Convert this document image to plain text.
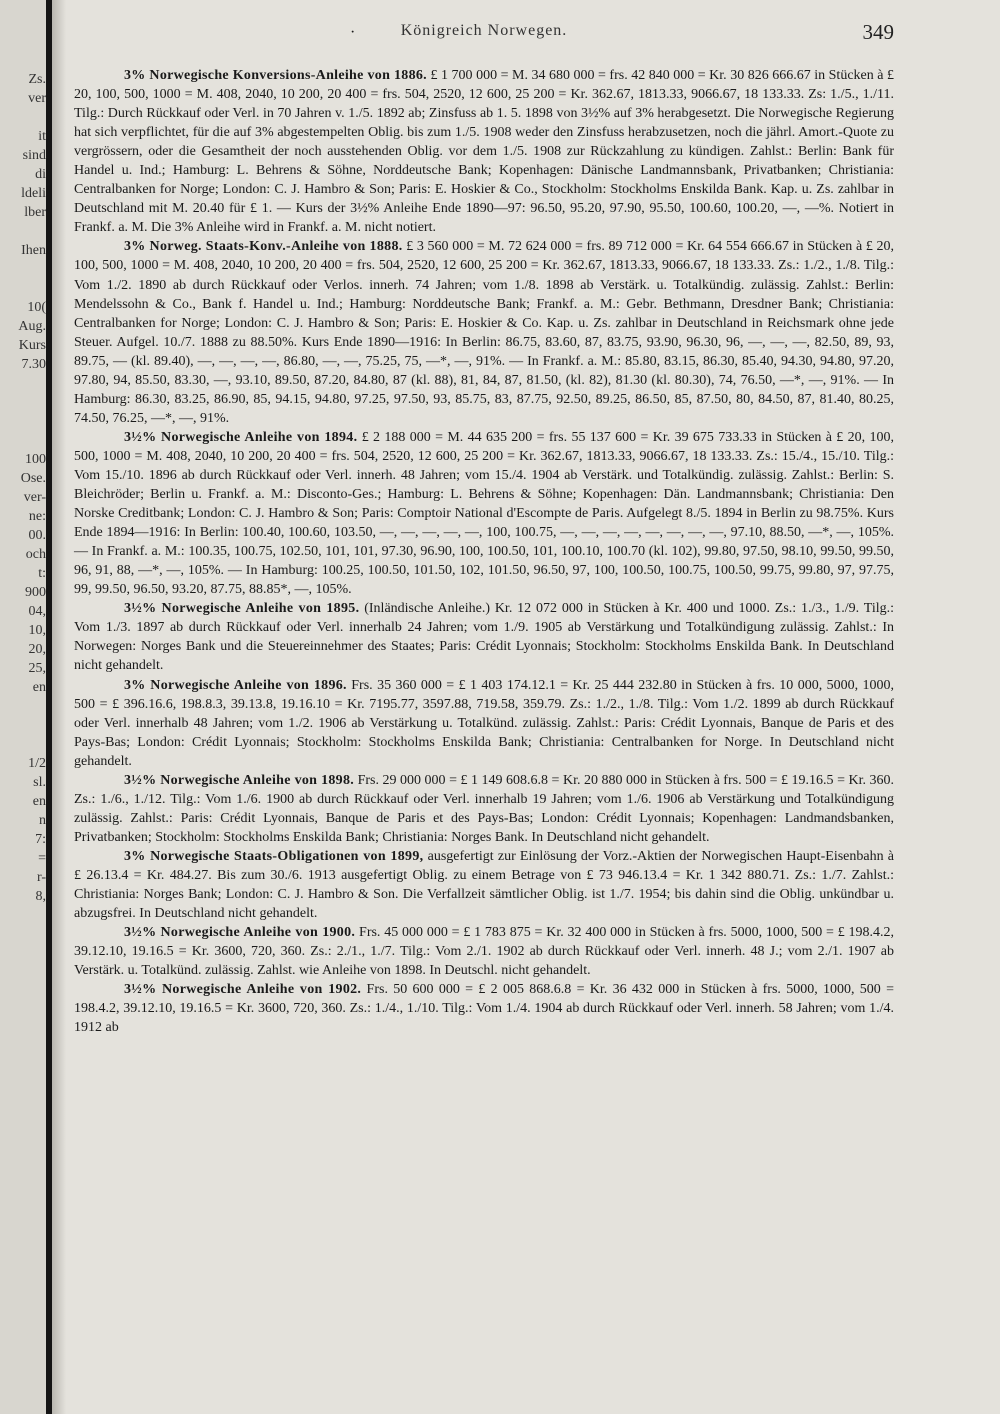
Zs.
ver
it
sind
di
ldeli
lber
Ihen
10(
Aug.
Kurs
7.30
100
Ose.
ver-
ne:
00.
och
t:
900
04,
10,
20,
25,
en
1/2
sl.
en
n
7:
=
r-
8,
·	Königreich Norwegen.	349

3% Norwegische Konversions-Anleihe von 1886. £ 1 700 000 = M. 34 680 000 = frs. 42 840 000 = Kr. 30 826 666.67 in Stücken à £ 20, 100, 500, 1000 = M. 408, 2040, 10 200, 20 400 = frs. 504, 2520, 12 600, 25 200 = Kr. 362.67, 1813.33, 9066.67, 18 133.33. Zs: 1./5., 1./11. Tilg.: Durch Rückkauf oder Verl. in 70 Jahren v. 1./5. 1892 ab; Zinsfuss ab 1. 5. 1898 von 3½% auf 3% herabgesetzt. Die Norwegische Regierung hat sich verpflichtet, für die auf 3% abgestempelten Oblig. bis zum 1./5. 1908 weder den Zinsfuss herabzusetzen, noch die jährl. Amort.-Quote zu vergrössern, oder die Gesamtheit der noch ausstehenden Oblig. vor dem 1./5. 1908 zur Rückzahlung zu kündigen. Zahlst.: Berlin: Bank für Handel u. Ind.; Hamburg: L. Behrens & Söhne, Norddeutsche Bank; Kopenhagen: Dänische Landmannsbank, Privatbanken; Christiania: Centralbanken for Norge; London: C. J. Hambro & Son; Paris: E. Hoskier & Co., Stockholm: Stockholms Enskilda Bank. Kap. u. Zs. zahlbar in Deutschland mit M. 20.40 für £ 1. — Kurs der 3½% Anleihe Ende 1890—97: 96.50, 95.20, 97.90, 95.50, 100.60, 100.20, —, —%. Notiert in Frankf. a. M. Die 3% Anleihe wird in Frankf. a. M. nicht notiert.

3% Norweg. Staats-Konv.-Anleihe von 1888. £ 3 560 000 = M. 72 624 000 = frs. 89 712 000 = Kr. 64 554 666.67 in Stücken à £ 20, 100, 500, 1000 = M. 408, 2040, 10 200, 20 400 = frs. 504, 2520, 12 600, 25 200 = Kr. 362.67, 1813.33, 9066.67, 18 133.33. Zs.: 1./2., 1./8. Tilg.: Vom 1./2. 1890 ab durch Rückkauf oder Verlos. innerh. 74 Jahren; vom 1./8. 1898 ab Verstärk. u. Totalkündig. zulässig. Zahlst.: Berlin: Mendelssohn & Co., Bank f. Handel u. Ind.; Hamburg: Norddeutsche Bank; Frankf. a. M.: Gebr. Bethmann, Dresdner Bank; Christiania: Centralbanken for Norge; London: C. J. Hambro & Son; Paris: E. Hoskier & Co. Kap. u. Zs. zahlbar in Deutschland in Reichsmark ohne jede Steuer. Aufgel. 10./7. 1888 zu 88.50%. Kurs Ende 1890—1916: In Berlin: 86.75, 83.60, 87, 83.75, 93.90, 96.30, 96, —, —, —, 82.50, 89, 93, 89.75, — (kl. 89.40), —, —, —, —, 86.80, —, —, 75.25, 75, —*, —, 91%. — In Frankf. a. M.: 85.80, 83.15, 86.30, 85.40, 94.30, 94.80, 97.20, 97.80, 94, 85.50, 83.30, —, 93.10, 89.50, 87.20, 84.80, 87 (kl. 88), 81, 84, 87, 81.50, (kl. 82), 81.30 (kl. 80.30), 74, 76.50, —*, —, 91%. — In Hamburg: 86.30, 83.25, 86.90, 85, 94.15, 94.80, 97.25, 97.50, 93, 85.75, 83, 87.75, 92.50, 89.25, 86.50, 85, 87.50, 80, 84.50, 87, 81.40, 80.25, 74.50, 76.25, —*, —, 91%.

3½% Norwegische Anleihe von 1894. £ 2 188 000 = M. 44 635 200 = frs. 55 137 600 = Kr. 39 675 733.33 in Stücken à £ 20, 100, 500, 1000 = M. 408, 2040, 10 200, 20 400 = frs. 504, 2520, 12 600, 25 200 = Kr. 362.67, 1813.33, 9066.67, 18 133.33. Zs.: 15./4., 15./10. Tilg.: Vom 15./10. 1896 ab durch Rückkauf oder Verl. innerh. 48 Jahren; vom 15./4. 1904 ab Verstärk. und Totalkündig. zulässig. Zahlst.: Berlin: S. Bleichröder; Berlin u. Frankf. a. M.: Disconto-Ges.; Hamburg: L. Behrens & Söhne; Kopenhagen: Dän. Landmannsbank; Christiania: Den Norske Creditbank; London: C. J. Hambro & Son; Paris: Comptoir National d'Escompte de Paris. Aufgelegt 8./5. 1894 in Berlin zu 98.75%. Kurs Ende 1894—1916: In Berlin: 100.40, 100.60, 103.50, —, —, —, —, —, 100, 100.75, —, —, —, —, —, —, —, —, 97.10, 88.50, —*, —, 105%. — In Frankf. a. M.: 100.35, 100.75, 102.50, 101, 101, 97.30, 96.90, 100, 100.50, 101, 100.10, 100.70 (kl. 102), 99.80, 97.50, 98.10, 99.50, 99.50, 96, 91, 88, —*, —, 105%. — In Hamburg: 100.25, 100.50, 101.50, 102, 101.50, 96.50, 97, 100, 100.50, 100.75, 100.50, 99.75, 99.80, 97, 97.75, 99, 99.50, 96.50, 93.20, 87.75, 88.85*, —, 105%.

3½% Norwegische Anleihe von 1895. (Inländische Anleihe.) Kr. 12 072 000 in Stücken à Kr. 400 und 1000. Zs.: 1./3., 1./9. Tilg.: Vom 1./3. 1897 ab durch Rückkauf oder Verl. innerhalb 24 Jahren; vom 1./9. 1905 ab Verstärkung und Totalkündigung zulässig. Zahlst.: In Norwegen: Norges Bank und die Steuereinnehmer des Staates; Paris: Crédit Lyonnais; Stockholm: Stockholms Enskilda Bank. In Deutschland nicht gehandelt.

3% Norwegische Anleihe von 1896. Frs. 35 360 000 = £ 1 403 174.12.1 = Kr. 25 444 232.80 in Stücken à frs. 10 000, 5000, 1000, 500 = £ 396.16.6, 198.8.3, 39.13.8, 19.16.10 = Kr. 7195.77, 3597.88, 719.58, 359.79. Zs.: 1./2., 1./8. Tilg.: Vom 1./2. 1899 ab durch Rückkauf oder Verl. innerhalb 48 Jahren; vom 1./2. 1906 ab Verstärkung u. Totalkünd. zulässig. Zahlst.: Paris: Crédit Lyonnais, Banque de Paris et des Pays-Bas; London: Crédit Lyonnais; Stockholm: Stockholms Enskilda Bank; Christiania: Centralbanken for Norge. In Deutschland nicht gehandelt.

3½% Norwegische Anleihe von 1898. Frs. 29 000 000 = £ 1 149 608.6.8 = Kr. 20 880 000 in Stücken à frs. 500 = £ 19.16.5 = Kr. 360. Zs.: 1./6., 1./12. Tilg.: Vom 1./6. 1900 ab durch Rückkauf oder Verl. innerhalb 19 Jahren; vom 1./6. 1906 ab Verstärkung und Totalkündigung zulässig. Zahlst.: Paris: Crédit Lyonnais, Banque de Paris et des Pays-Bas; London: Crédit Lyonnais; Kopenhagen: Landmandsbanken, Privatbanken; Stockholm: Stockholms Enskilda Bank; Christiania: Norges Bank. In Deutschland nicht gehandelt.

3% Norwegische Staats-Obligationen von 1899, ausgefertigt zur Einlösung der Vorz.-Aktien der Norwegischen Haupt-Eisenbahn à £ 26.13.4 = Kr. 484.27. Bis zum 30./6. 1913 ausgefertigt Oblig. zu einem Betrage von £ 73 946.13.4 = Kr. 1 342 880.71. Zs.: 1./7. Zahlst.: Christiania: Norges Bank; London: C. J. Hambro & Son. Die Verfallzeit sämtlicher Oblig. ist 1./7. 1954; bis dahin sind die Oblig. unkündbar u. abzugsfrei. In Deutschland nicht gehandelt.

3½% Norwegische Anleihe von 1900. Frs. 45 000 000 = £ 1 783 875 = Kr. 32 400 000 in Stücken à frs. 5000, 1000, 500 = £ 198.4.2, 39.12.10, 19.16.5 = Kr. 3600, 720, 360. Zs.: 2./1., 1./7. Tilg.: Vom 2./1. 1902 ab durch Rückkauf oder Verl. innerh. 48 J.; vom 2./1. 1907 ab Verstärk. u. Totalkünd. zulässig. Zahlst. wie Anleihe von 1898. In Deutschl. nicht gehandelt.

3½% Norwegische Anleihe von 1902. Frs. 50 600 000 = £ 2 005 868.6.8 = Kr. 36 432 000 in Stücken à frs. 5000, 1000, 500 = 198.4.2, 39.12.10, 19.16.5 = Kr. 3600, 720, 360. Zs.: 1./4., 1./10. Tilg.: Vom 1./4. 1904 ab durch Rückkauf oder Verl. innerh. 58 Jahren; vom 1./4. 1912 ab
